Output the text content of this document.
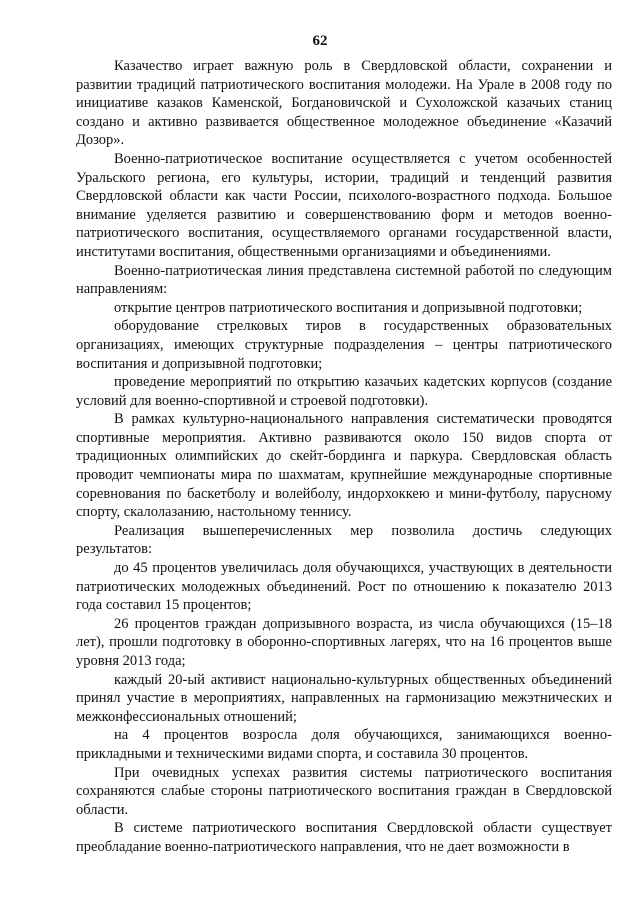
62

Казачество играет важную роль в Свердловской области, сохранении и развитии традиций патриотического воспитания молодежи. На Урале в 2008 году по инициативе казаков Каменской, Богдановичской и Сухоложской казачьих станиц создано и активно развивается общественное молодежное объединение «Казачий Дозор».

Военно-патриотическое воспитание осуществляется с учетом особенностей Уральского региона, его культуры, истории, традиций и тенденций развития Свердловской области как части России, психолого-возрастного подхода. Большое внимание уделяется развитию и совершенствованию форм и методов военно-патриотического воспитания, осуществляемого органами государственной власти, институтами воспитания, общественными организациями и объединениями.

Военно-патриотическая линия представлена системной работой по следующим направлениям:

открытие центров патриотического воспитания и допризывной подготовки;

оборудование стрелковых тиров в государственных образовательных организациях, имеющих структурные подразделения – центры патриотического воспитания и допризывной подготовки;

проведение мероприятий по открытию казачьих кадетских корпусов (создание условий для военно-спортивной и строевой подготовки).

В рамках культурно-национального направления систематически проводятся спортивные мероприятия. Активно развиваются около 150 видов спорта от традиционных олимпийских до скейт-бординга и паркура. Свердловская область проводит чемпионаты мира по шахматам, крупнейшие международные спортивные соревнования по баскетболу и волейболу, индорхоккею и мини-футболу, парусному спорту, скалолазанию, настольному теннису.

Реализация вышеперечисленных мер позволила достичь следующих результатов:

до 45 процентов увеличилась доля обучающихся, участвующих в деятельности патриотических молодежных объединений. Рост по отношению к показателю 2013 года составил 15 процентов;

26 процентов граждан допризывного возраста, из числа обучающихся (15–18 лет), прошли подготовку в оборонно-спортивных лагерях, что на 16 процентов выше уровня 2013 года;

каждый 20-ый активист национально-культурных общественных объединений принял участие в мероприятиях, направленных на гармонизацию межэтнических и межконфессиональных отношений;

на 4 процентов возросла доля обучающихся, занимающихся военно-прикладными и техническими видами спорта, и составила 30 процентов.

При очевидных успехах развития системы патриотического воспитания сохраняются слабые стороны патриотического воспитания граждан в Свердловской области.

В системе патриотического воспитания Свердловской области существует преобладание военно-патриотического направления, что не дает возможности в
